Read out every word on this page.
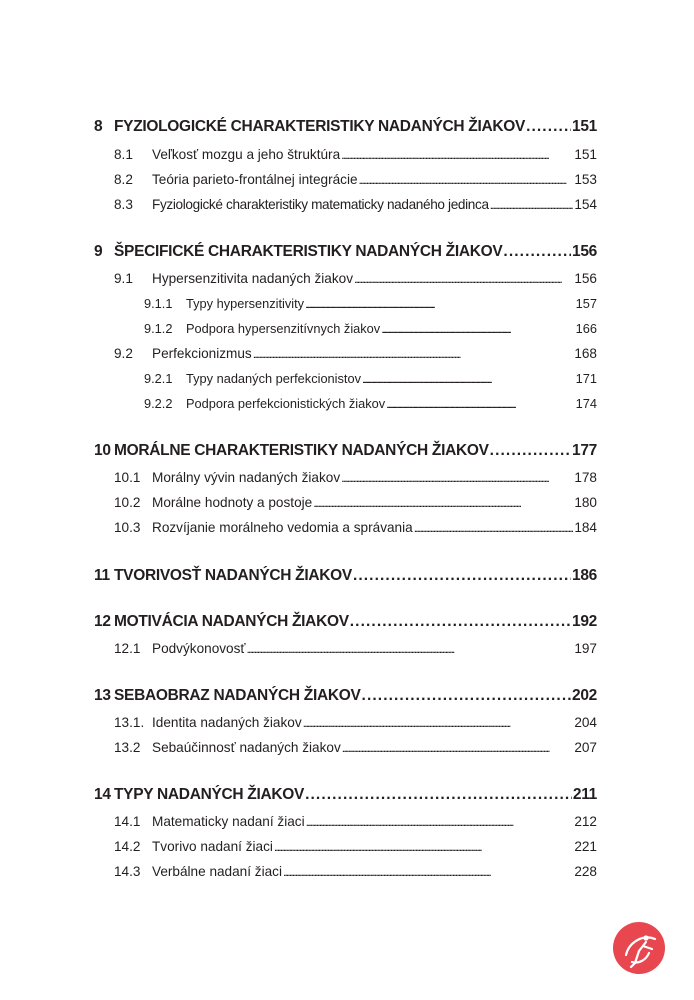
8 FYZIOLOGICKÉ CHARAKTERISTIKY NADANÝCH ŽIAKOV . . .	151
8.1	Veľkosť mozgu a jeho štruktúra . . .	151
8.2	Teória parieto-frontálnej integrácie . . .	153
8.3	Fyziologické charakteristiky matematicky nadaného jedinca . . .	154
9 ŠPECIFICKÉ CHARAKTERISTIKY NADANÝCH ŽIAKOV . . .	156
9.1	Hypersenzitivita nadaných žiakov . . .	156
9.1.1	Typy hypersenzitivity . . .	157
9.1.2	Podpora hypersenzitívnych žiakov . . .	166
9.2	Perfekcionizmus . . .	168
9.2.1	Typy nadaných perfekcionistov . . .	171
9.2.2	Podpora perfekcionistických žiakov . . .	174
10 MORÁLNE CHARAKTERISTIKY NADANÝCH ŽIAKOV . . .	177
10.1 Morálny vývin nadaných žiakov . . .	178
10.2 Morálne hodnoty a postoje . . .	180
10.3 Rozvíjanie morálneho vedomia a správania . . .	184
11 TVORIVOSŤ NADANÝCH ŽIAKOV . . .	186
12 MOTIVÁCIA NADANÝCH ŽIAKOV . . .	192
12.1 Podvýkonovosť . . .	197
13 SEBAOBRAZ NADANÝCH ŽIAKOV . . .	202
13.1. Identita nadaných žiakov . . .	204
13.2 Sebaúčinnosť nadaných žiakov . . .	207
14 TYPY NADANÝCH ŽIAKOV . . .	211
14.1 Matematicky nadaní žiaci . . .	212
14.2 Tvorivo nadaní žiaci . . .	221
14.3 Verbálne nadaní žiaci . . .	228
